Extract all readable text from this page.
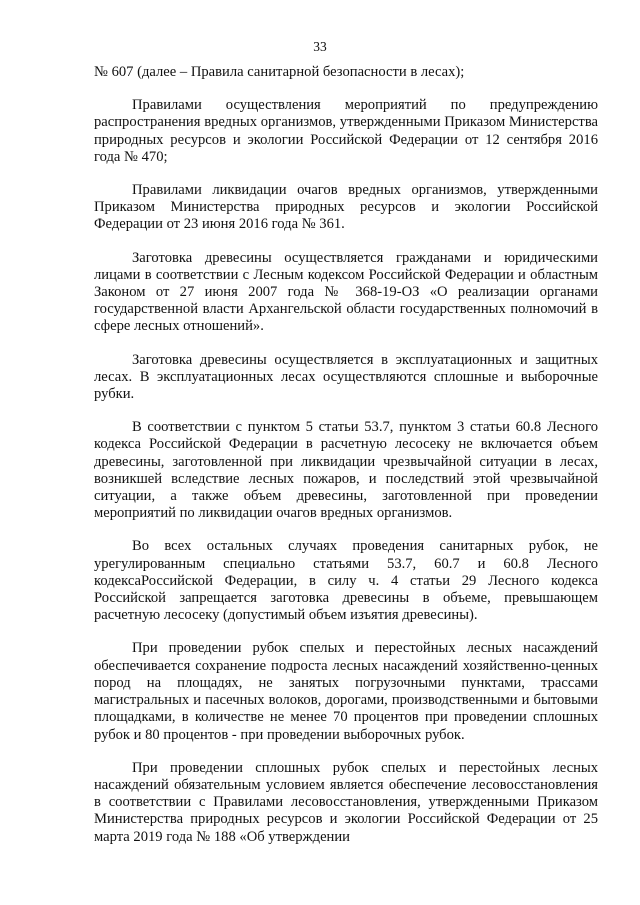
33

№ 607 (далее – Правила санитарной безопасности в лесах);

Правилами осуществления мероприятий по предупреждению распространения вредных организмов, утвержденными Приказом Министерства природных ресурсов и экологии Российской Федерации от 12 сентября 2016 года № 470;

Правилами ликвидации очагов вредных организмов, утвержденными Приказом Министерства природных ресурсов и экологии Российской Федерации от 23 июня 2016 года № 361.

Заготовка древесины осуществляется гражданами и юридическими лицами в соответствии с Лесным кодексом Российской Федерации и областным Законом от 27 июня 2007 года № 368-19-ОЗ «О реализации органами государственной власти Архангельской области государственных полномочий в сфере лесных отношений».

Заготовка древесины осуществляется в эксплуатационных и защитных лесах. В эксплуатационных лесах осуществляются сплошные и выборочные рубки.

В соответствии с пунктом 5 статьи 53.7, пунктом 3 статьи 60.8 Лесного кодекса Российской Федерации в расчетную лесосеку не включается объем древесины, заготовленной при ликвидации чрезвычайной ситуации в лесах, возникшей вследствие лесных пожаров, и последствий этой чрезвычайной ситуации, а также объем древесины, заготовленной при проведении мероприятий по ликвидации очагов вредных организмов.

Во всех остальных случаях проведения санитарных рубок, не урегулированным специально статьями 53.7, 60.7 и 60.8 Лесного кодексаРоссийской Федерации, в силу ч. 4 статьи 29 Лесного кодекса Российской запрещается заготовка древесины в объеме, превышающем расчетную лесосеку (допустимый объем изъятия древесины).

При проведении рубок спелых и перестойных лесных насаждений обеспечивается сохранение подроста лесных насаждений хозяйственно-ценных пород на площадях, не занятых погрузочными пунктами, трассами магистральных и пасечных волоков, дорогами, производственными и бытовыми площадками, в количестве не менее 70 процентов при проведении сплошных рубок и 80 процентов - при проведении выборочных рубок.

При проведении сплошных рубок спелых и перестойных лесных насаждений обязательным условием является обеспечение лесовосстановления в соответствии с Правилами лесовосстановления, утвержденными Приказом Министерства природных ресурсов и экологии Российской Федерации от 25 марта 2019 года № 188 «Об утверждении
